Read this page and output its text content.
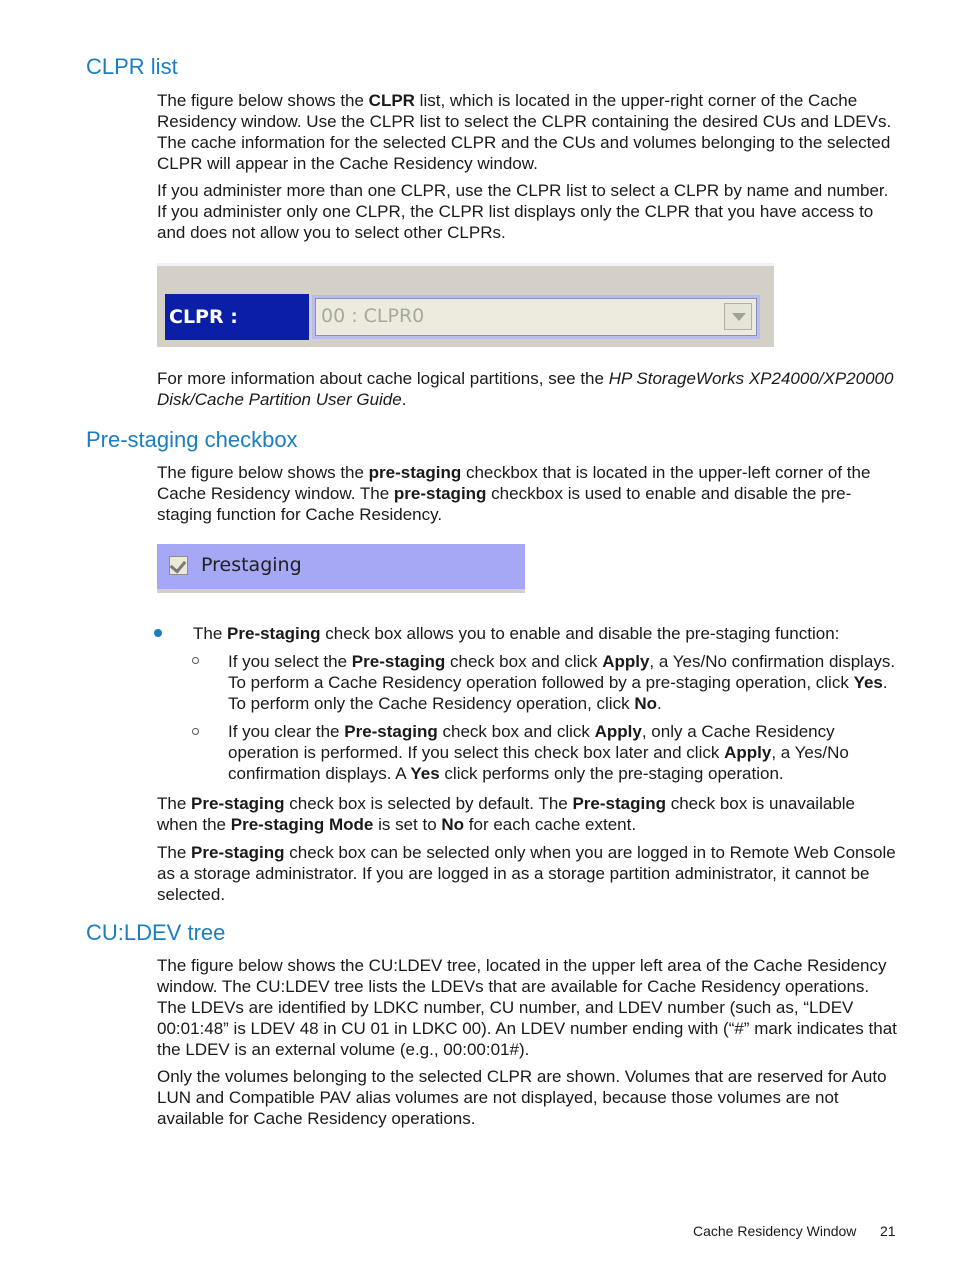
CLPR list

The figure below shows the CLPR list, which is located in the upper-right corner of the Cache Residency window. Use the CLPR list to select the CLPR containing the desired CUs and LDEVs. The cache information for the selected CLPR and the CUs and volumes belonging to the selected CLPR will appear in the Cache Residency window.

If you administer more than one CLPR, use the CLPR list to select a CLPR by name and number. If you administer only one CLPR, the CLPR list displays only the CLPR that you have access to and does not allow you to select other CLPRs.

CLPR :	00 : CLPR0

For more information about cache logical partitions, see the HP StorageWorks XP24000/XP20000 Disk/Cache Partition User Guide.

Pre-staging checkbox

The figure below shows the pre-staging checkbox that is located in the upper-left corner of the Cache Residency window. The pre-staging checkbox is used to enable and disable the pre-staging function for Cache Residency.

Prestaging

The Pre-staging check box allows you to enable and disable the pre-staging function:

If you select the Pre-staging check box and click Apply, a Yes/No confirmation displays. To perform a Cache Residency operation followed by a pre-staging operation, click Yes. To perform only the Cache Residency operation, click No.

If you clear the Pre-staging check box and click Apply, only a Cache Residency operation is performed. If you select this check box later and click Apply, a Yes/No confirmation displays. A Yes click performs only the pre-staging operation.

The Pre-staging check box is selected by default. The Pre-staging check box is unavailable when the Pre-staging Mode is set to No for each cache extent.

The Pre-staging check box can be selected only when you are logged in to Remote Web Console as a storage administrator. If you are logged in as a storage partition administrator, it cannot be selected.

CU:LDEV tree

The figure below shows the CU:LDEV tree, located in the upper left area of the Cache Residency window. The CU:LDEV tree lists the LDEVs that are available for Cache Residency operations. The LDEVs are identified by LDKC number, CU number, and LDEV number (such as, “LDEV 00:01:48” is LDEV 48 in CU 01 in LDKC 00). An LDEV number ending with (“#” mark indicates that the LDEV is an external volume (e.g., 00:00:01#).

Only the volumes belonging to the selected CLPR are shown. Volumes that are reserved for Auto LUN and Compatible PAV alias volumes are not displayed, because those volumes are not available for Cache Residency operations.

Cache Residency Window 21
